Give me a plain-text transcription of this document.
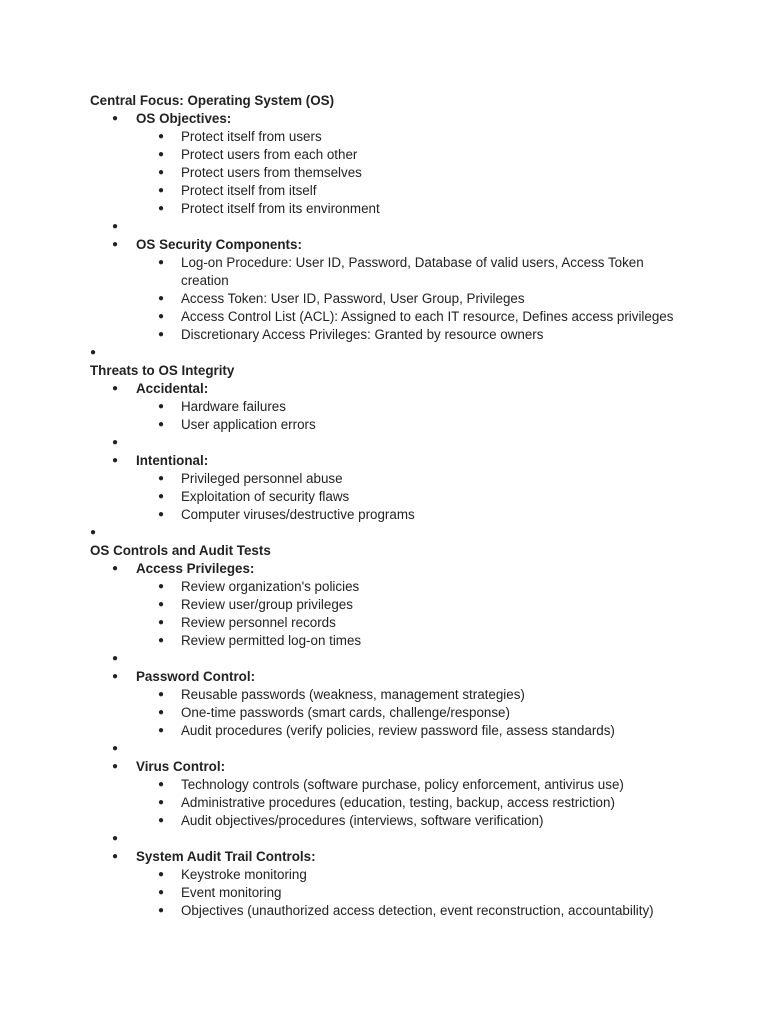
Central Focus: Operating System (OS)
● OS Objectives:
● Protect itself from users
● Protect users from each other
● Protect users from themselves
● Protect itself from itself
● Protect itself from its environment
●
● OS Security Components:
● Log-on Procedure: User ID, Password, Database of valid users, Access Token creation
● Access Token: User ID, Password, User Group, Privileges
● Access Control List (ACL): Assigned to each IT resource, Defines access privileges
● Discretionary Access Privileges: Granted by resource owners
●
Threats to OS Integrity
● Accidental:
● Hardware failures
● User application errors
●
● Intentional:
● Privileged personnel abuse
● Exploitation of security flaws
● Computer viruses/destructive programs
●
OS Controls and Audit Tests
● Access Privileges:
● Review organization's policies
● Review user/group privileges
● Review personnel records
● Review permitted log-on times
●
● Password Control:
● Reusable passwords (weakness, management strategies)
● One-time passwords (smart cards, challenge/response)
● Audit procedures (verify policies, review password file, assess standards)
●
● Virus Control:
● Technology controls (software purchase, policy enforcement, antivirus use)
● Administrative procedures (education, testing, backup, access restriction)
● Audit objectives/procedures (interviews, software verification)
●
● System Audit Trail Controls:
● Keystroke monitoring
● Event monitoring
● Objectives (unauthorized access detection, event reconstruction, accountability)
